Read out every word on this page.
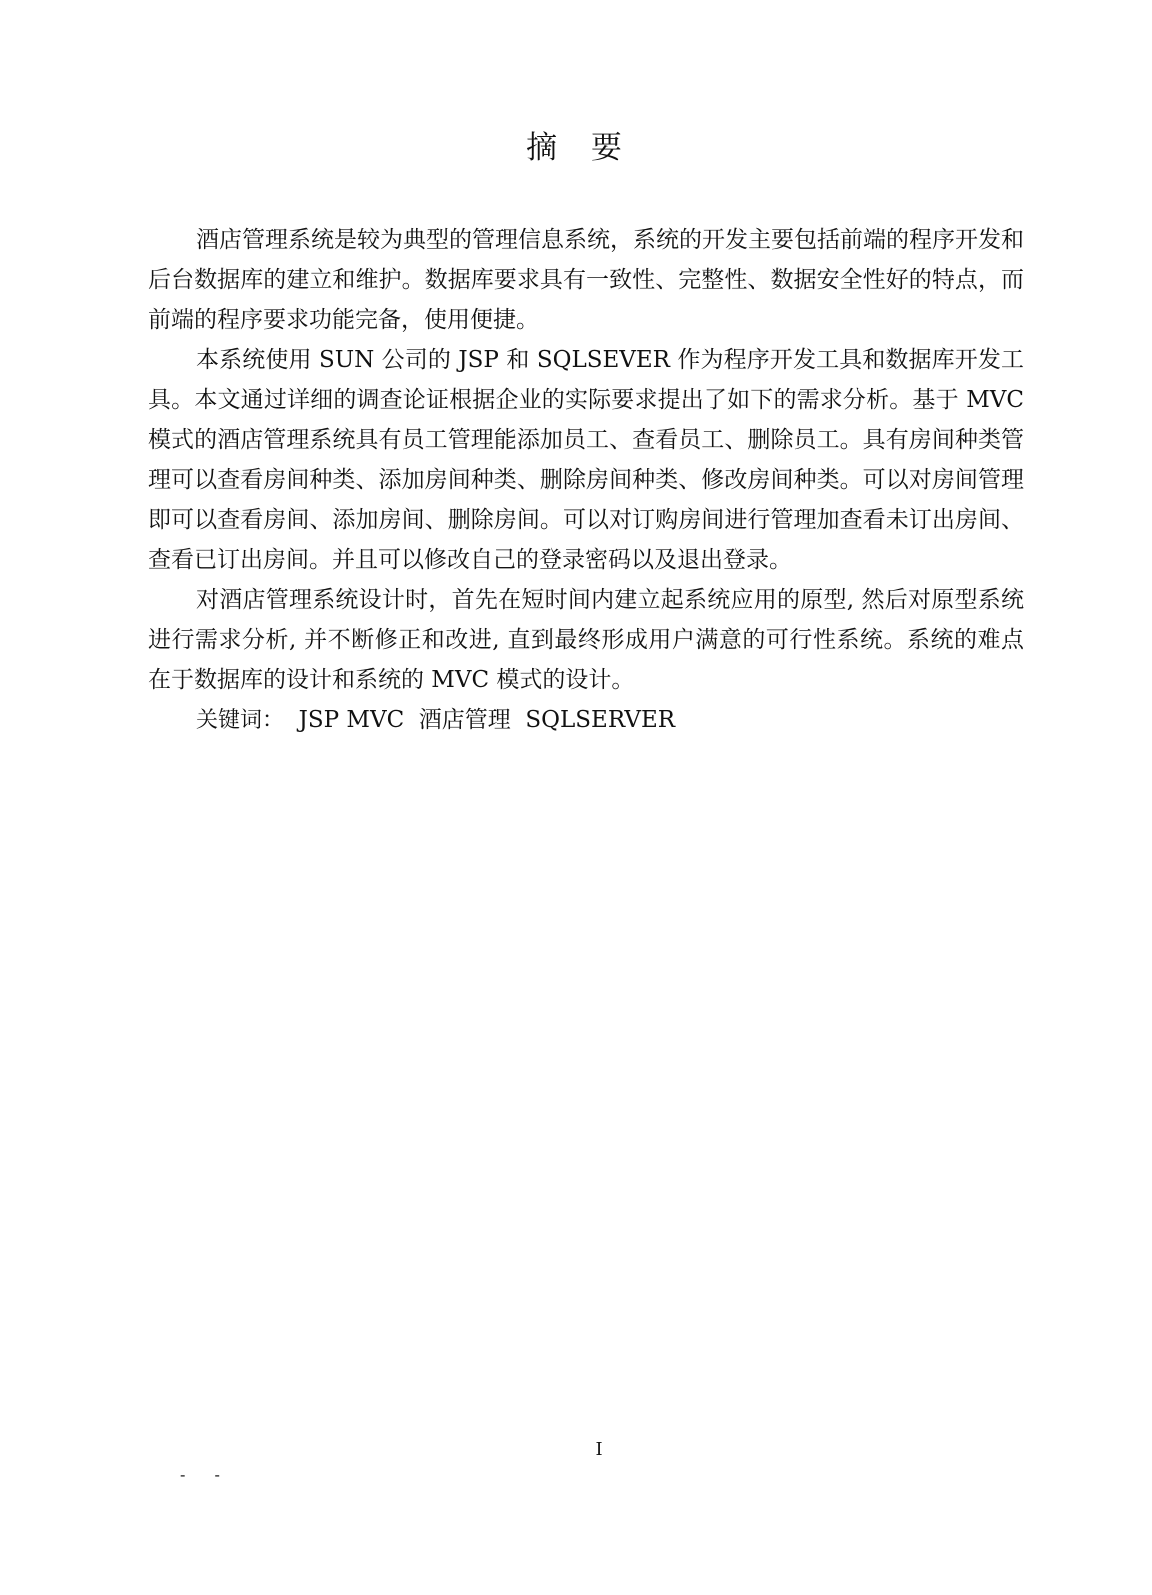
摘 要

酒店管理系统是较为典型的管理信息系统，系统的开发主要包括前端的程序开发和后台数据库的建立和维护。数据库要求具有一致性、完整性、数据安全性好的特点，而前端的程序要求功能完备，使用便捷。

本系统使用 SUN 公司的 JSP 和 SQLSEVER 作为程序开发工具和数据库开发工具。本文通过详细的调查论证根据企业的实际要求提出了如下的需求分析。基于 MVC 模式的酒店管理系统具有员工管理能添加员工、查看员工、删除员工。具有房间种类管理可以查看房间种类、添加房间种类、删除房间种类、修改房间种类。可以对房间管理即可以查看房间、添加房间、删除房间。可以对订购房间进行管理加查看未订出房间、查看已订出房间。并且可以修改自己的登录密码以及退出登录。

对酒店管理系统设计时，首先在短时间内建立起系统应用的原型, 然后对原型系统进行需求分析, 并不断修正和改进, 直到最终形成用户满意的可行性系统。系统的难点在于数据库的设计和系统的 MVC 模式的设计。

关键词： JSP MVC  酒店管理  SQLSERVER

I
- -
